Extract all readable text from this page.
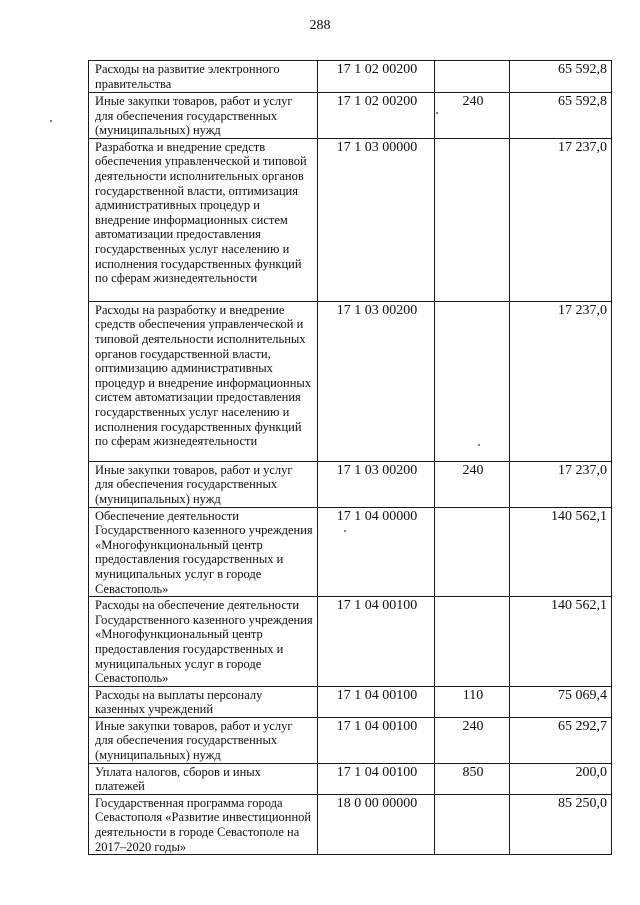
288
Расходы на развитие электронного правительства	17 1 02 00200		65 592,8
Иные закупки товаров, работ и услуг для обеспечения государственных (муниципальных) нужд	17 1 02 00200	240	65 592,8
Разработка и внедрение средств обеспечения управленческой и типовой деятельности исполнительных органов государственной власти, оптимизация административных процедур и внедрение информационных систем автоматизации предоставления государственных услуг населению и исполнения государственных функций по сферам жизнедеятельности	17 1 03 00000		17 237,0
Расходы на разработку и внедрение средств обеспечения управленческой и типовой деятельности исполнительных органов государственной власти, оптимизацию административных процедур и внедрение информационных систем автоматизации предоставления государственных услуг населению и исполнения государственных функций по сферам жизнедеятельности	17 1 03 00200		17 237,0
Иные закупки товаров, работ и услуг для обеспечения государственных (муниципальных) нужд	17 1 03 00200	240	17 237,0
Обеспечение деятельности Государственного казенного учреждения «Многофункциональный центр предоставления государственных и муниципальных услуг в городе Севастополь»	17 1 04 00000		140 562,1
Расходы на обеспечение деятельности Государственного казенного учреждения «Многофункциональный центр предоставления государственных и муниципальных услуг в городе Севастополь»	17 1 04 00100		140 562,1
Расходы на выплаты персоналу казенных учреждений	17 1 04 00100	110	75 069,4
Иные закупки товаров, работ и услуг для обеспечения государственных (муниципальных) нужд	17 1 04 00100	240	65 292,7
Уплата налогов, сборов и иных платежей	17 1 04 00100	850	200,0
Государственная программа города Севастополя «Развитие инвестиционной деятельности в городе Севастополе на 2017–2020 годы»	18 0 00 00000		85 250,0
